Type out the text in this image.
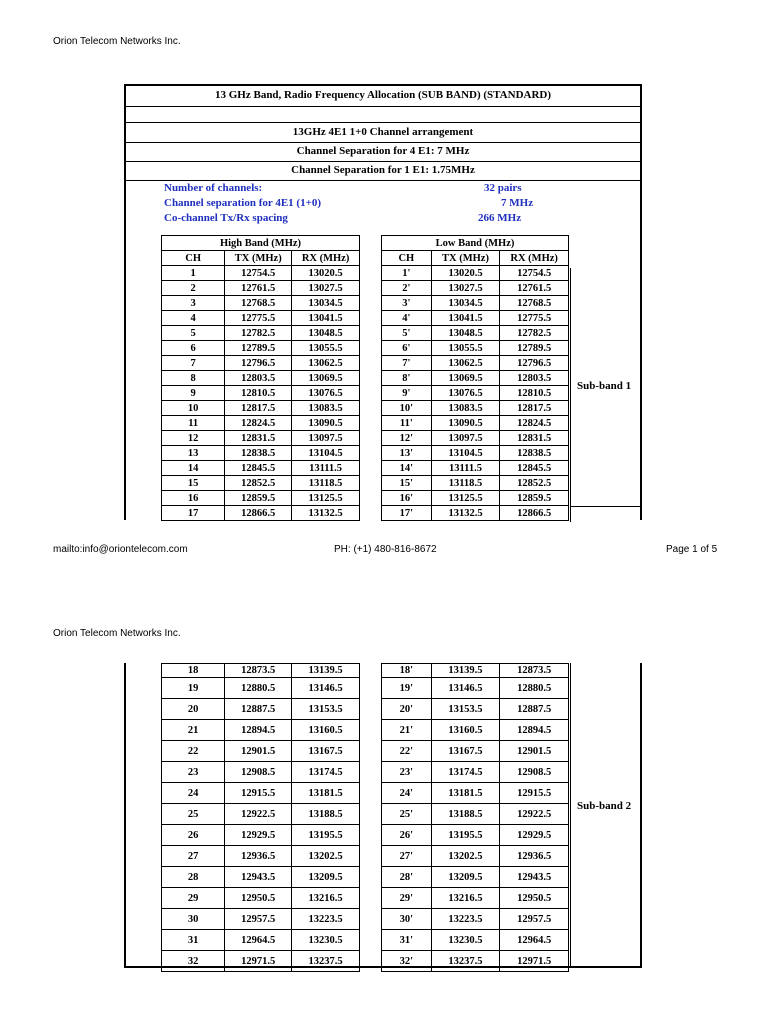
Orion Telecom Networks Inc.
13 GHz Band, Radio Frequency Allocation (SUB BAND) (STANDARD)
13GHz 4E1 1+0 Channel arrangement
Channel Separation for 4 E1: 7 MHz
Channel Separation for 1 E1: 1.75MHz
Number of channels:	32 pairs
Channel separation for 4E1 (1+0)	7 MHz
Co-channel Tx/Rx spacing	266 MHz
Sub-band 1
High Band (MHz)		
CH	TX (MHz)	RX (MHz)
1	12754.5	13020.5
2	12761.5	13027.5
3	12768.5	13034.5
4	12775.5	13041.5
5	12782.5	13048.5
6	12789.5	13055.5
7	12796.5	13062.5
8	12803.5	13069.5
9	12810.5	13076.5
10	12817.5	13083.5
11	12824.5	13090.5
12	12831.5	13097.5
13	12838.5	13104.5
14	12845.5	13111.5
15	12852.5	13118.5
16	12859.5	13125.5
17	12866.5	13132.5
Low Band (MHz)		
CH	TX (MHz)	RX (MHz)
1'	13020.5	12754.5
2'	13027.5	12761.5
3'	13034.5	12768.5
4'	13041.5	12775.5
5'	13048.5	12782.5
6'	13055.5	12789.5
7'	13062.5	12796.5
8'	13069.5	12803.5
9'	13076.5	12810.5
10'	13083.5	12817.5
11'	13090.5	12824.5
12'	13097.5	12831.5
13'	13104.5	12838.5
14'	13111.5	12845.5
15'	13118.5	12852.5
16'	13125.5	12859.5
17'	13132.5	12866.5
mailto:info@oriontelecom.com	PH: (+1) 480-816-8672	Page 1 of 5
Orion Telecom Networks Inc.
Sub-band 2
18	12873.5	13139.5
19	12880.5	13146.5
20	12887.5	13153.5
21	12894.5	13160.5
22	12901.5	13167.5
23	12908.5	13174.5
24	12915.5	13181.5
25	12922.5	13188.5
26	12929.5	13195.5
27	12936.5	13202.5
28	12943.5	13209.5
29	12950.5	13216.5
30	12957.5	13223.5
31	12964.5	13230.5
32	12971.5	13237.5
18'	13139.5	12873.5
19'	13146.5	12880.5
20'	13153.5	12887.5
21'	13160.5	12894.5
22'	13167.5	12901.5
23'	13174.5	12908.5
24'	13181.5	12915.5
25'	13188.5	12922.5
26'	13195.5	12929.5
27'	13202.5	12936.5
28'	13209.5	12943.5
29'	13216.5	12950.5
30'	13223.5	12957.5
31'	13230.5	12964.5
32'	13237.5	12971.5
